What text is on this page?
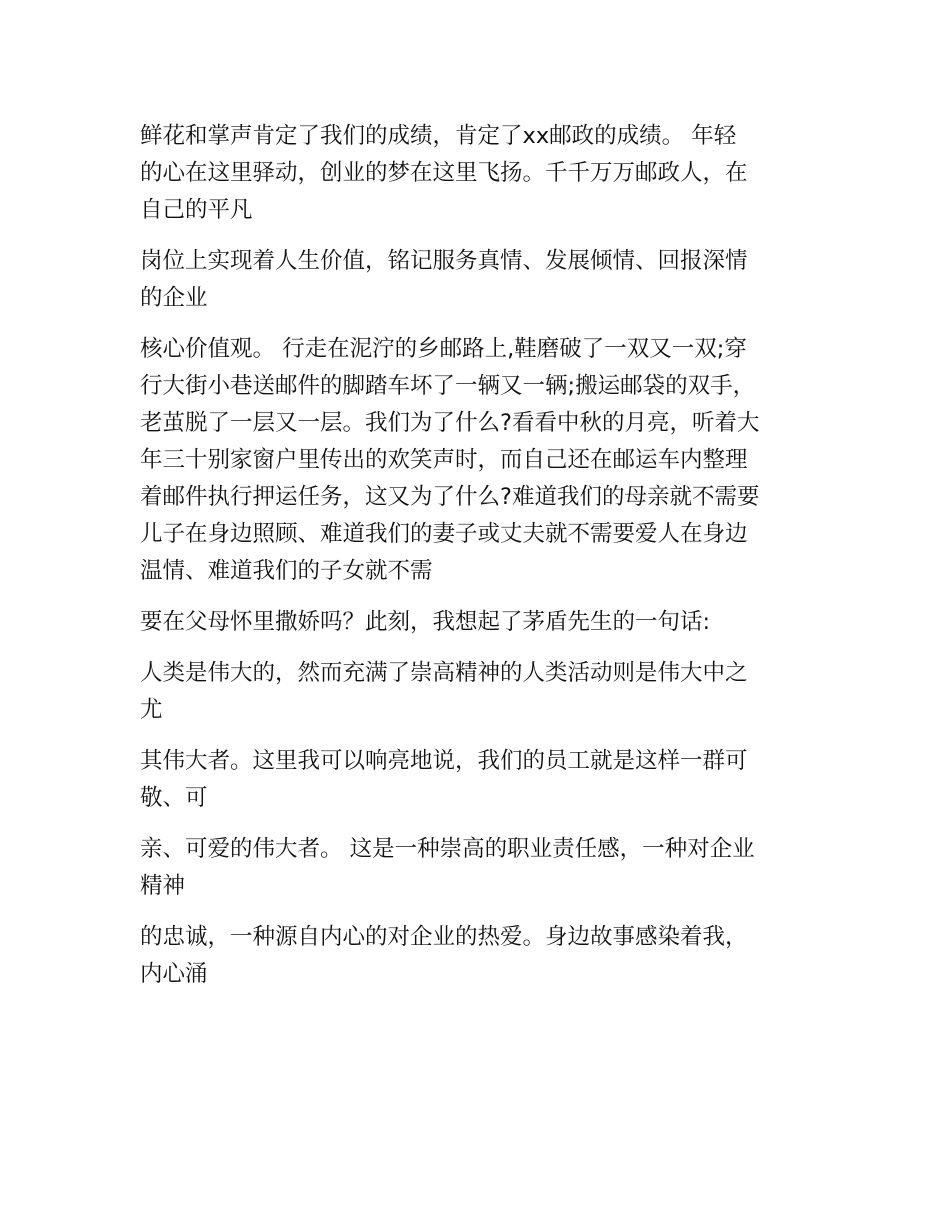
鲜花和掌声肯定了我们的成绩，肯定了xx邮政的成绩。 年轻
的心在这里驿动，创业的梦在这里飞扬。千千万万邮政人，在
自己的平凡

岗位上实现着人生价值，铭记服务真情、发展倾情、回报深情
的企业

核心价值观。 行走在泥泞的乡邮路上,鞋磨破了一双又一双;穿
行大街小巷送邮件的脚踏车坏了一辆又一辆;搬运邮袋的双手，
老茧脱了一层又一层。我们为了什么?看看中秋的月亮，听着大
年三十别家窗户里传出的欢笑声时，而自己还在邮运车内整理
着邮件执行押运任务，这又为了什么?难道我们的母亲就不需要
儿子在身边照顾、难道我们的妻子或丈夫就不需要爱人在身边
温情、难道我们的子女就不需

要在父母怀里撒娇吗？此刻，我想起了茅盾先生的一句话:

人类是伟大的，然而充满了崇高精神的人类活动则是伟大中之
尤

其伟大者。这里我可以响亮地说，我们的员工就是这样一群可
敬、可

亲、可爱的伟大者。 这是一种崇高的职业责任感，一种对企业
精神

的忠诚，一种源自内心的对企业的热爱。身边故事感染着我，
内心涌
